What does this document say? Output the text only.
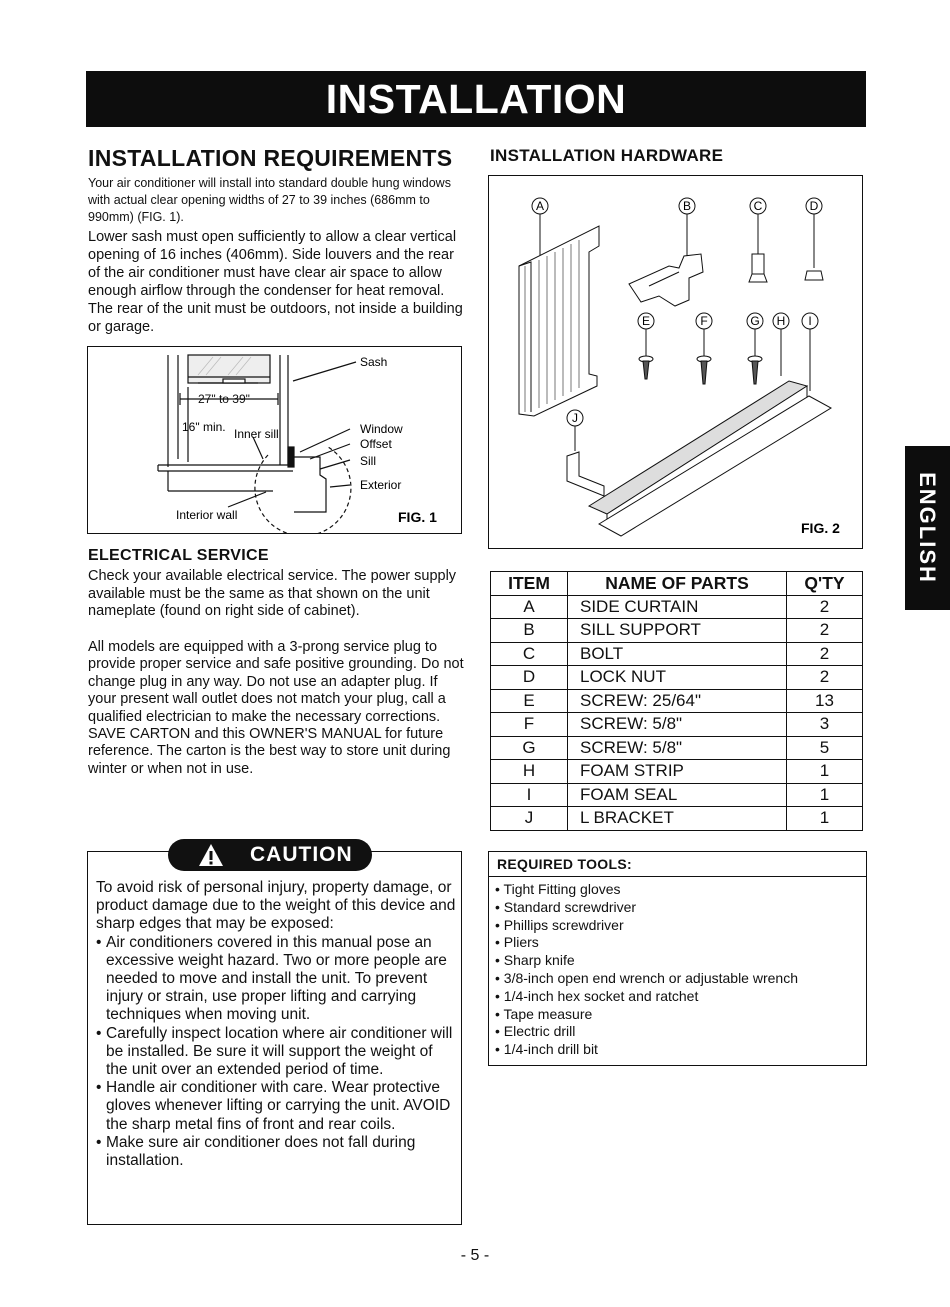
INSTALLATION
INSTALLATION REQUIREMENTS INSTALLATION HARDWARE
Your air conditioner will install into standard double hung windows with actual clear opening widths of 27 to 39 inches (686mm to 990mm) (FIG. 1).
Lower sash must open sufficiently to allow a clear vertical opening of 16 inches (406mm). Side louvers and the rear of the air conditioner must have clear air space to allow enough airflow through the condenser for heat removal. The rear of the unit must be outdoors, not inside a building or garage.
Sash
27" to 39"
16" min. Inner sill	Window
Offset
Sill
Exterior
Interior wall	FIG. 1
A	B	C	D
E	F	G H I
J
FIG. 2
ELECTRICAL SERVICE
Check your available electrical service. The power supply available must be the same as that shown on the unit nameplate (found on right side of cabinet).
All models are equipped with a 3-prong service plug to provide proper service and safe positive grounding. Do not change plug in any way. Do not use an adapter plug. If your present wall outlet does not match your plug, call a qualified electrician to make the necessary corrections.
SAVE CARTON and this OWNER'S MANUAL for future reference. The carton is the best way to store unit during winter or when not in use.
ITEM	NAME OF PARTS	Q'TY
A	SIDE CURTAIN	2
B	SILL SUPPORT	2
C	BOLT	2
D	LOCK NUT	2
E	SCREW: 25/64"	13
F	SCREW: 5/8"	3
G	SCREW: 5/8"	5
H	FOAM STRIP	1
I	FOAM SEAL	1
J	L BRACKET	1
CAUTION

To avoid risk of personal injury, property damage, or product damage due to the weight of this device and sharp edges that may be exposed:

• Air conditioners covered in this manual pose an excessive weight hazard. Two or more people are needed to move and install the unit. To prevent injury or strain, use proper lifting and carrying techniques when moving unit.
• Carefully inspect location where air conditioner will be installed. Be sure it will support the weight of the unit over an extended period of time.
• Handle air conditioner with care. Wear protective gloves whenever lifting or carrying the unit. AVOID the sharp metal fins of front and rear coils.
• Make sure air conditioner does not fall during installation.
REQUIRED TOOLS:
• Tight Fitting gloves
• Standard screwdriver
• Phillips screwdriver
• Pliers
• Sharp knife
• 3/8-inch open end wrench or adjustable wrench
• 1/4-inch hex socket and ratchet
• Tape measure
• Electric drill
• 1/4-inch drill bit
ENGLISH
- 5 -
